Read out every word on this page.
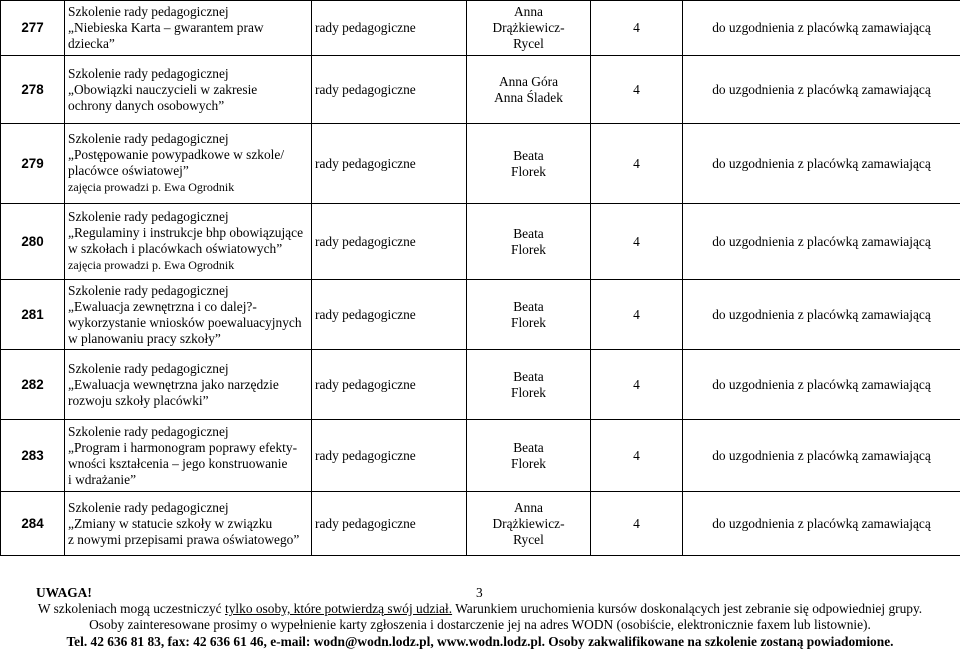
277	Szkolenie rady pedagogicznej
„Niebieska Karta – gwarantem praw
dziecka”	rady pedagogiczne	Anna
Drążkiewicz-
Rycel	4	do uzgodnienia z placówką zamawiającą
278	Szkolenie rady pedagogicznej
„Obowiązki nauczycieli w zakresie
ochrony danych osobowych”	rady pedagogiczne	Anna Góra
Anna Śladek	4	do uzgodnienia z placówką zamawiającą
279	Szkolenie rady pedagogicznej
„Postępowanie powypadkowe w szkole/
placówce oświatowej”
zajęcia prowadzi p. Ewa Ogrodnik	rady pedagogiczne	Beata
Florek	4	do uzgodnienia z placówką zamawiającą
280	Szkolenie rady pedagogicznej
„Regulaminy i instrukcje bhp obowiązujące
w szkołach i placówkach oświatowych”
zajęcia prowadzi p. Ewa Ogrodnik	rady pedagogiczne	Beata
Florek	4	do uzgodnienia z placówką zamawiającą
281	Szkolenie rady pedagogicznej
„Ewaluacja zewnętrzna i co dalej?-
wykorzystanie wniosków poewaluacyjnych
w planowaniu pracy szkoły”	rady pedagogiczne	Beata
Florek	4	do uzgodnienia z placówką zamawiającą
282	Szkolenie rady pedagogicznej
„Ewaluacja wewnętrzna jako narzędzie
rozwoju szkoły placówki”	rady pedagogiczne	Beata
Florek	4	do uzgodnienia z placówką zamawiającą
283	Szkolenie rady pedagogicznej
„Program i harmonogram poprawy efekty-
wności kształcenia – jego konstruowanie
i wdrażanie”	rady pedagogiczne	Beata
Florek	4	do uzgodnienia z placówką zamawiającą
284	Szkolenie rady pedagogicznej
„Zmiany w statucie szkoły w związku
z nowymi przepisami prawa oświatowego”	rady pedagogiczne	Anna
Drążkiewicz-
Rycel	4	do uzgodnienia z placówką zamawiającą
UWAGA!	3

W szkoleniach mogą uczestniczyć tylko osoby, które potwierdzą swój udział. Warunkiem uruchomienia kursów doskonalących jest zebranie się odpowiedniej grupy.

Osoby zainteresowane prosimy o wypełnienie karty zgłoszenia i dostarczenie jej na adres WODN (osobiście, elektronicznie faxem lub listownie).

Tel. 42 636 81 83, fax: 42 636 61 46, e-mail: wodn@wodn.lodz.pl, www.wodn.lodz.pl. Osoby zakwalifikowane na szkolenie zostaną powiadomione.
